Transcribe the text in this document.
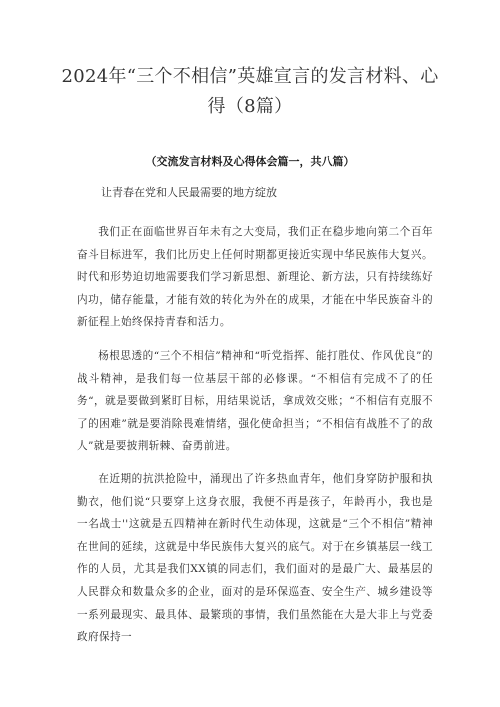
2024年“三个不相信”英雄宣言的发言材料、心得（8篇）
（交流发言材料及心得体会篇一，共八篇）
让青春在党和人民最需要的地方绽放

我们正在面临世界百年未有之大变局，我们正在稳步地向第二个百年奋斗目标进军，我们比历史上任何时期都更接近实现中华民族伟大复兴。时代和形势迫切地需要我们学习新思想、新理论、新方法，只有持续练好内功，储存能量，才能有效的转化为外在的成果，才能在中华民族奋斗的新征程上始终保持青春和活力。

杨根思透的“三个不相信”精神和“听党指挥、能打胜仗、作风优良”的战斗精神，是我们每一位基层干部的必修课。“不相信有完成不了的任务“，就是要做到紧盯目标，用结果说话，拿成效交账；“不相信有克服不了的困难”就是要消除畏难情绪，强化使命担当；“不相信有战胜不了的敌人”就是要披荆斩棘、奋勇前进。

在近期的抗洪抢险中，涌现出了许多热血青年，他们身穿防护服和执勤衣，他们说“只要穿上这身衣服，我便不再是孩子，年龄再小，我也是一名战士''这就是五四精神在新时代生动体现，这就是“三个不相信”精神在世间的延续，这就是中华民族伟大复兴的底气。对于在乡镇基层一线工作的人员，尤其是我们XX镇的同志们，我们面对的是最广大、最基层的人民群众和数量众多的企业，面对的是环保巡查、安全生产、城乡建设等一系列最现实、最具体、最繁琐的事情，我们虽然能在大是大非上与党委政府保持一
